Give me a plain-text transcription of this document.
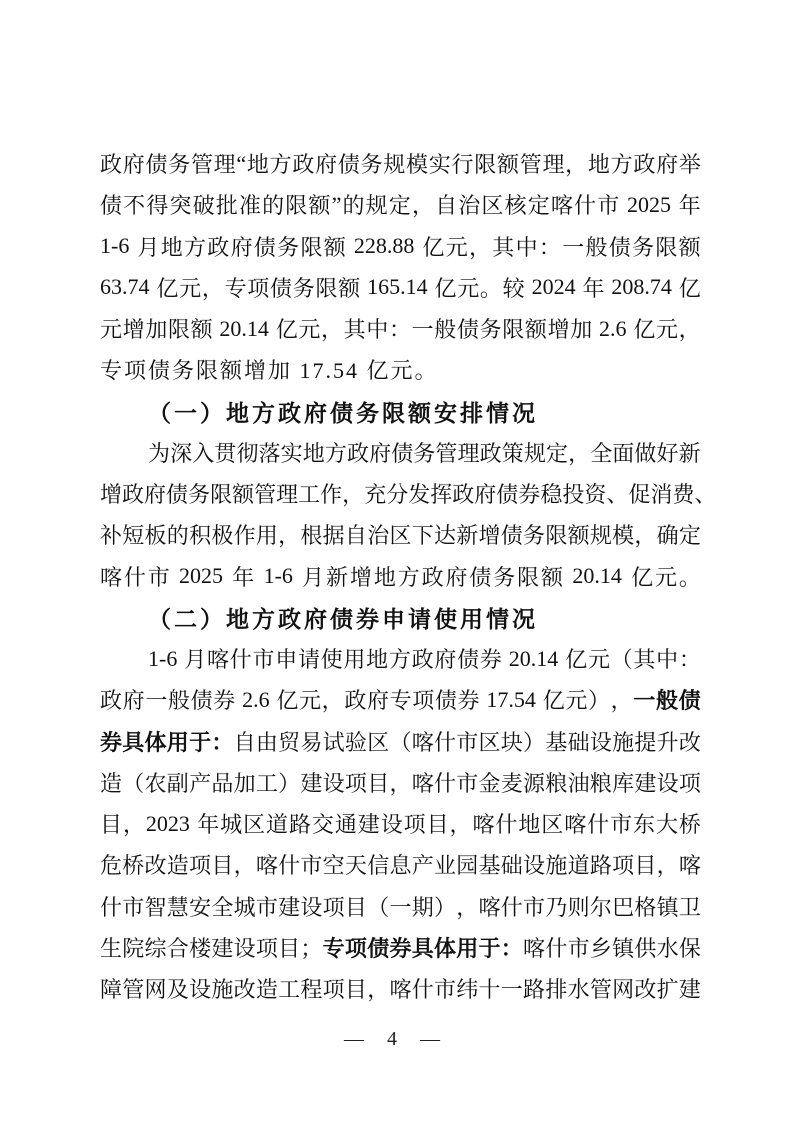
政 府 债 务 管 理 “ 地 方 政 府 债 务 规 模 实 行 限 额 管 理 ， 地 方 政 府 举
债 不 得 突 破 批 准 的 限 额 ” 的 规 定 ， 自 治 区 核 定 喀 什 市
2025
年
1-6
月 地 方 政 府 债 务 限 额
228.88
亿 元 ， 其 中 ： 一 般 债 务 限 额
63.74
亿 元 ， 专 项 债 务 限 额
165.14
亿 元 。 较
2024
年
208.74
亿
元 增 加 限 额
20.14
亿 元 ， 其 中 ： 一 般 债 务 限 额 增 加
2.6
亿 元 ，
专项债务限额增加 17.54 亿元。
（一）地方政府债务限额安排情况
为 深 入 贯 彻 落 实 地 方 政 府 债 务 管 理 政 策 规 定 ， 全 面 做 好 新
增 政 府 债 务 限 额 管 理 工 作 ， 充 分 发 挥 政 府 债 券 稳 投 资 、 促 消 费 、
补 短 板 的 积 极 作 用 ， 根 据 自 治 区 下 达 新 增 债 务 限 额 规 模 ， 确 定
喀 什 市
2025
年
1-6
月 新 增 地 方 政 府 债 务 限 额
20.14
亿 元 。
（二）地方政府债券申请使用情况
1-6
月 喀 什 市 申 请 使 用 地 方 政 府 债 券
20.14
亿 元 （ 其 中 ：
政 府 一 般 债 券
2.6
亿 元 ， 政 府 专 项 债 券
17.54
亿 元 ） ， 一 般 债
券 具 体 用 于 ： 自 由 贸 易 试 验 区 （ 喀 什 市 区 块 ） 基 础 设 施 提 升 改
造 （ 农 副 产 品 加 工 ） 建 设 项 目 ， 喀 什 市 金 麦 源 粮 油 粮 库 建 设 项
目 ， 2023
年 城 区 道 路 交 通 建 设 项 目 ， 喀 什 地 区 喀 什 市 东 大 桥
危 桥 改 造 项 目 ， 喀 什 市 空 天 信 息 产 业 园 基 础 设 施 道 路 项 目 ， 喀
什 市 智 慧 安 全 城 市 建 设 项 目 （ 一 期 ） ， 喀 什 市 乃 则 尔 巴 格 镇 卫
生 院 综 合 楼 建 设 项 目 ； 专 项 债 券 具 体 用 于 ： 喀 什 市 乡 镇 供 水 保
障 管 网 及 设 施 改 造 工 程 项 目 ， 喀 什 市 纬 十 一 路 排 水 管 网 改 扩 建
— 4 —
